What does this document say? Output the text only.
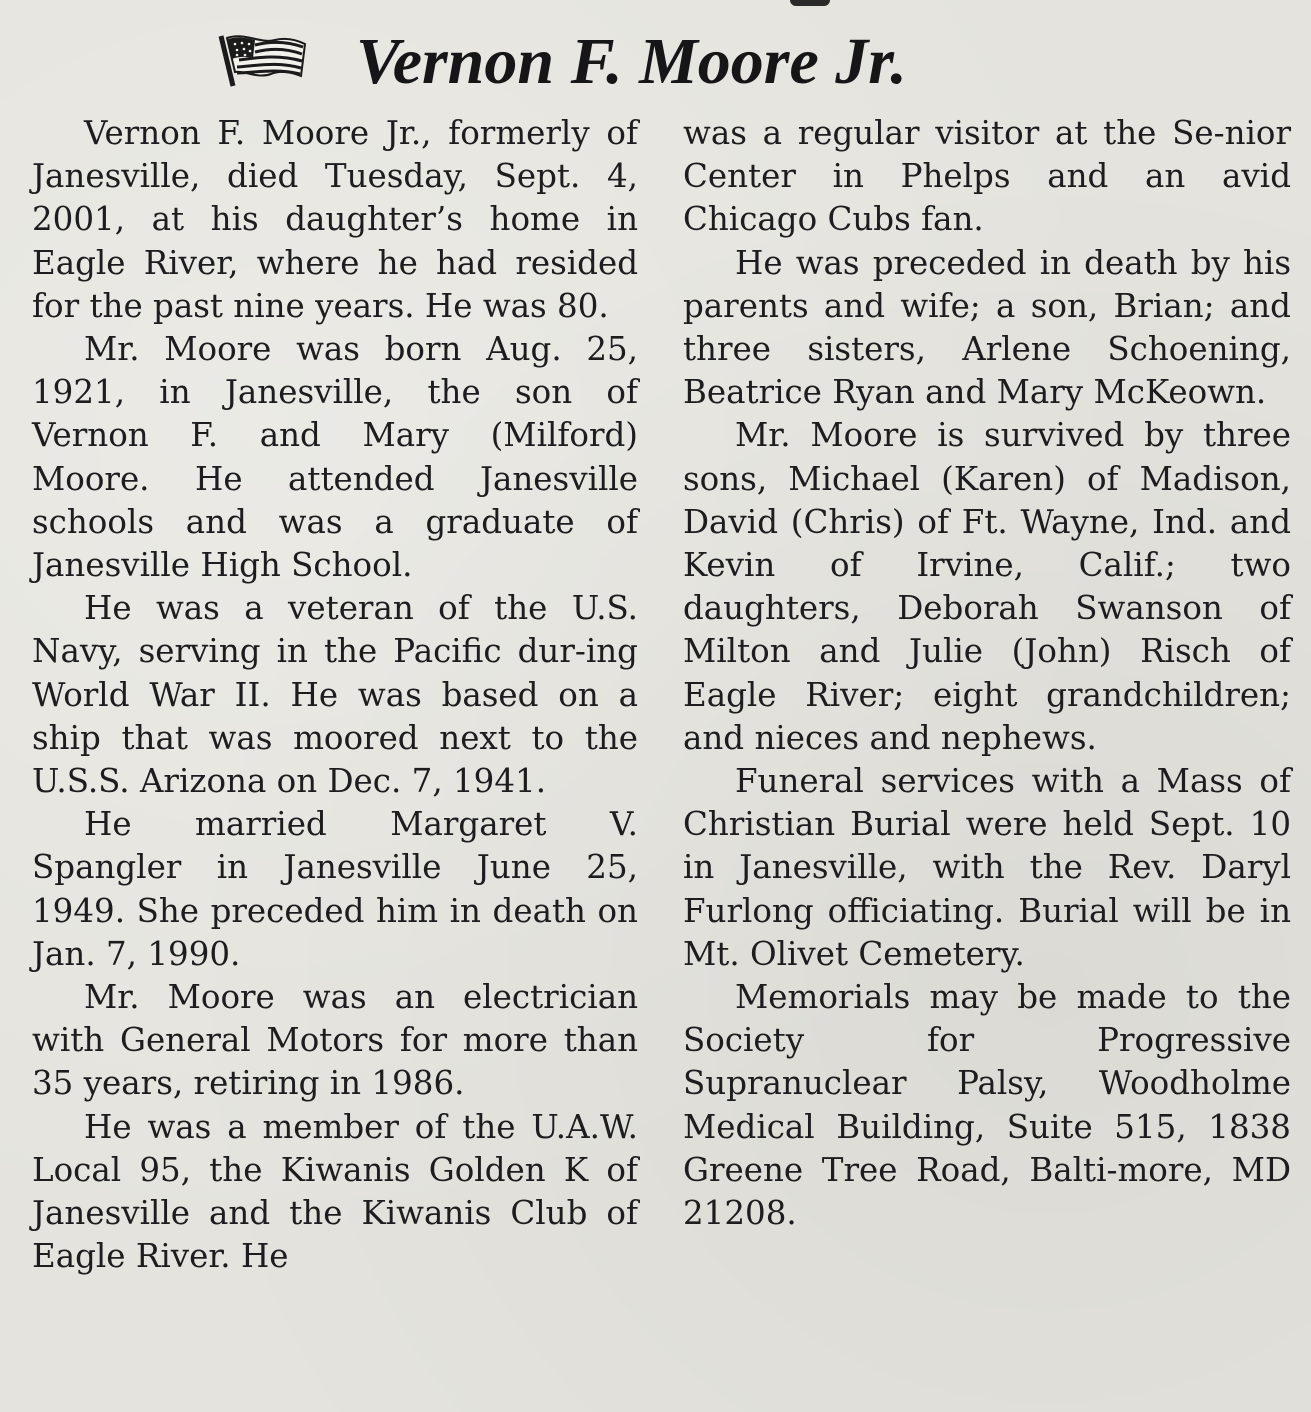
Vernon F. Moore Jr.

Vernon F. Moore Jr., formerly of Janesville, died Tuesday, Sept. 4, 2001, at his daughter’s home in Eagle River, where he had resided for the past nine years. He was 80.

Mr. Moore was born Aug. 25, 1921, in Janesville, the son of Vernon F. and Mary (Milford) Moore. He attended Janesville schools and was a graduate of Janesville High School.

He was a veteran of the U.S. Navy, serving in the Pacific dur-ing World War II. He was based on a ship that was moored next to the U.S.S. Arizona on Dec. 7, 1941.

He married Margaret V. Spangler in Janesville June 25, 1949. She preceded him in death on Jan. 7, 1990.

Mr. Moore was an electrician with General Motors for more than 35 years, retiring in 1986.

He was a member of the U.A.W. Local 95, the Kiwanis Golden K of Janesville and the Kiwanis Club of Eagle River. He

was a regular visitor at the Se-nior Center in Phelps and an avid Chicago Cubs fan.

He was preceded in death by his parents and wife; a son, Brian; and three sisters, Arlene Schoening, Beatrice Ryan and Mary McKeown.

Mr. Moore is survived by three sons, Michael (Karen) of Madison, David (Chris) of Ft. Wayne, Ind. and Kevin of Irvine, Calif.; two daughters, Deborah Swanson of Milton and Julie (John) Risch of Eagle River; eight grandchildren; and nieces and nephews.

Funeral services with a Mass of Christian Burial were held Sept. 10 in Janesville, with the Rev. Daryl Furlong officiating. Burial will be in Mt. Olivet Cemetery.

Memorials may be made to the Society for Progressive Supranuclear Palsy, Woodholme Medical Building, Suite 515, 1838 Greene Tree Road, Balti-more, MD 21208.
